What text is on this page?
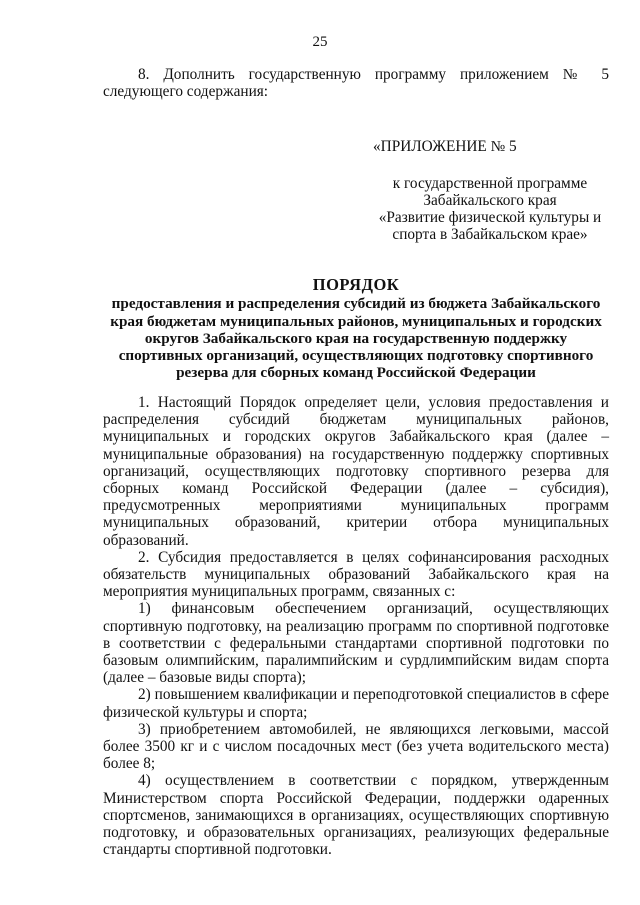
25

8. Дополнить государственную программу приложением № 5 следующего содержания:

«ПРИЛОЖЕНИЕ № 5

к государственной программе

Забайкальского края

«Развитие физической культуры и

спорта в Забайкальском крае»

ПОРЯДОК

предоставления и распределения субсидий из бюджета Забайкальского

края бюджетам муниципальных районов, муниципальных и городских

округов Забайкальского края на государственную поддержку

спортивных организаций, осуществляющих подготовку спортивного

резерва для сборных команд Российской Федерации

1. Настоящий Порядок определяет цели, условия предоставления и распределения субсидий бюджетам муниципальных районов, муниципальных и городских округов Забайкальского края (далее – муниципальные образования) на государственную поддержку спортивных организаций, осуществляющих подготовку спортивного резерва для сборных команд Российской Федерации (далее – субсидия), предусмотренных мероприятиями муниципальных программ муниципальных образований, критерии отбора муниципальных образований.

2. Субсидия предоставляется в целях софинансирования расходных обязательств муниципальных образований Забайкальского края на мероприятия муниципальных программ, связанных с:

1) финансовым обеспечением организаций, осуществляющих спортивную подготовку, на реализацию программ по спортивной подготовке в соответствии с федеральными стандартами спортивной подготовки по базовым олимпийским, паралимпийским и сурдлимпийским видам спорта (далее – базовые виды спорта);

2) повышением квалификации и переподготовкой специалистов в сфере физической культуры и спорта;

3) приобретением автомобилей, не являющихся легковыми, массой более 3500 кг и с числом посадочных мест (без учета водительского места) более 8;

4) осуществлением в соответствии с порядком, утвержденным Министерством спорта Российской Федерации, поддержки одаренных спортсменов, занимающихся в организациях, осуществляющих спортивную подготовку, и образовательных организациях, реализующих федеральные стандарты спортивной подготовки.
